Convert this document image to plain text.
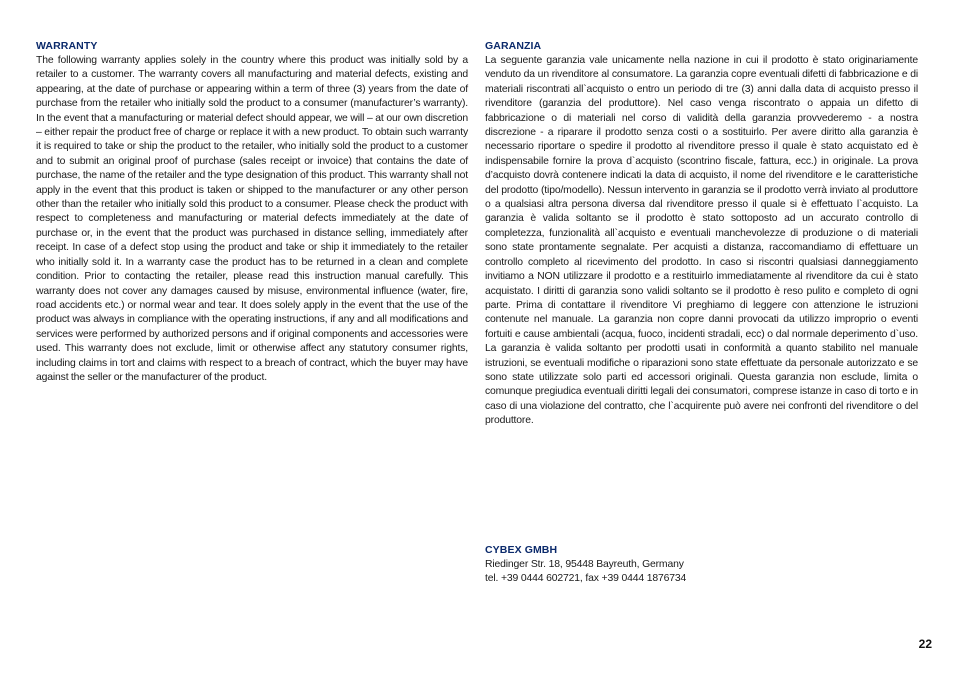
WARRANTY

The following warranty applies solely in the country where this product was initially sold by a retailer to a customer. The warranty covers all manufacturing and material defects, existing and appearing, at the date of purchase or appearing within a term of three (3) years from the date of purchase from the retailer who initially sold the product to a consumer (manufacturer’s warranty). In the event that a manufacturing or material defect should appear, we will – at our own discretion – either repair the product free of charge or replace it with a new product. To obtain such warranty it is required to take or ship the product to the retailer, who initially sold the product to a customer and to submit an original proof of purchase (sales receipt or invoice) that contains the date of purchase, the name of the retailer and the type designation of this product. This warranty shall not apply in the event that this product is taken or shipped to the manufacturer or any other person other than the retailer who initially sold this product to a consumer. Please check the product with respect to completeness and manufacturing or material defects immediately at the date of purchase or, in the event that the product was purchased in distance selling, immediately after receipt. In case of a defect stop using the product and take or ship it immediately to the retailer who initially sold it. In a warranty case the product has to be returned in a clean and complete condition. Prior to contacting the retailer, please read this instruction manual carefully. This warranty does not cover any damages caused by misuse, environmental influence (water, fire, road accidents etc.) or normal wear and tear. It does solely apply in the event that the use of the product was always in compliance with the operating instructions, if any and all modifications and services were performed by authorized persons and if original components and accessories were used. This warranty does not exclude, limit or otherwise affect any statutory consumer rights, including claims in tort and claims with respect to a breach of contract, which the buyer may have against the seller or the manufacturer of the product.

GARANZIA

La seguente garanzia vale unicamente nella nazione in cui il prodotto è stato originariamente venduto da un rivenditore al consumatore. La garanzia copre eventuali difetti di fabbricazione e di materiali riscontrati all`acquisto o entro un periodo di tre (3) anni dalla data di acquisto presso il rivenditore (garanzia del produttore). Nel caso venga riscontrato o appaia un difetto di fabbricazione o di materiali nel corso di validità della garanzia provvederemo - a nostra discrezione - a riparare il prodotto senza costi o a sostituirlo. Per avere diritto alla garanzia è necessario riportare o spedire il prodotto al rivenditore presso il quale è stato acquistato ed è indispensabile fornire la prova d`acquisto (scontrino fiscale, fattura, ecc.) in originale. La prova d’acquisto dovrà contenere indicati la data di acquisto, il nome del rivenditore e le caratteristiche del prodotto (tipo/modello). Nessun intervento in garanzia se il prodotto verrà inviato al produttore o a qualsiasi altra persona diversa dal rivenditore presso il quale si è effettuato l`acquisto. La garanzia è valida soltanto se il prodotto è stato sottoposto ad un accurato controllo di completezza, funzionalità all`acquisto e eventuali manchevolezze di produzione o di materiali sono state prontamente segnalate. Per acquisti a distanza, raccomandiamo di effettuare un controllo completo al ricevimento del prodotto. In caso si riscontri qualsiasi danneggiamento invitiamo a NON utilizzare il prodotto e a restituirlo immediatamente al rivenditore da cui è stato acquistato. I diritti di garanzia sono validi soltanto se il prodotto è reso pulito e completo di ogni parte. Prima di contattare il rivenditore Vi preghiamo di leggere con attenzione le istruzioni contenute nel manuale. La garanzia non copre danni provocati da utilizzo improprio o eventi fortuiti e cause ambientali (acqua, fuoco, incidenti stradali, ecc) o dal normale deperimento d`uso. La garanzia è valida soltanto per prodotti usati in conformità a quanto stabilito nel manuale istruzioni, se eventuali modifiche o riparazioni sono state effettuate da personale autorizzato e se sono state utilizzate solo parti ed accessori originali. Questa garanzia non esclude, limita o comunque pregiudica eventuali diritti legali dei consumatori, comprese istanze in caso di torto e in caso di una violazione del contratto, che l`acquirente può avere nei confronti del rivenditore o del produttore.

CYBEX GMBH

Riedinger Str. 18, 95448 Bayreuth, Germany

tel. +39 0444 602721, fax +39 0444 1876734

22
